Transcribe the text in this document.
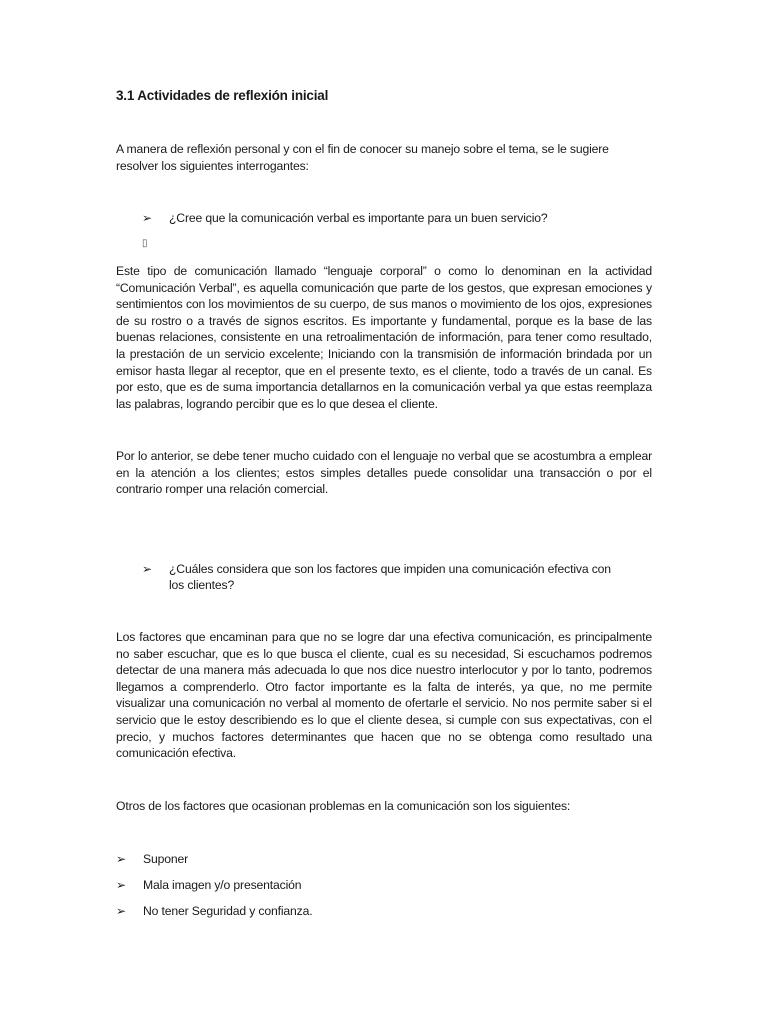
3.1 Actividades de reflexión inicial
A manera de reflexión personal y con el fin de conocer su manejo sobre el tema, se le sugiere resolver los siguientes interrogantes:
➢ ¿Cree que la comunicación verbal es importante para un buen servicio?
▯
Este tipo de comunicación llamado “lenguaje corporal” o como lo denominan en la actividad “Comunicación Verbal”, es aquella comunicación que parte de los gestos, que expresan emociones y sentimientos con los movimientos de su cuerpo, de sus manos o movimiento de los ojos, expresiones de su rostro o a través de signos escritos. Es importante y fundamental, porque es la base de las buenas relaciones, consistente en una retroalimentación de información, para tener como resultado, la prestación de un servicio excelente; Iniciando con la transmisión de información brindada por un emisor hasta llegar al receptor, que en el presente texto, es el cliente, todo a través de un canal. Es por esto, que es de suma importancia detallarnos en la comunicación verbal ya que estas reemplaza las palabras, logrando percibir que es lo que desea el cliente.
Por lo anterior, se debe tener mucho cuidado con el lenguaje no verbal que se acostumbra a emplear en la atención a los clientes; estos simples detalles puede consolidar una transacción o por el contrario romper una relación comercial.
➢ ¿Cuáles considera que son los factores que impiden una comunicación efectiva con
los clientes?
Los factores que encaminan para que no se logre dar una efectiva comunicación, es principalmente no saber escuchar, que es lo que busca el cliente, cual es su necesidad, Si escuchamos podremos detectar de una manera más adecuada lo que nos dice nuestro interlocutor y por lo tanto, podremos llegamos a comprenderlo. Otro factor importante es la falta de interés, ya que, no me permite visualizar una comunicación no verbal al momento de ofertarle el servicio. No nos permite saber si el servicio que le estoy describiendo es lo que el cliente desea, si cumple con sus expectativas, con el precio, y muchos factores determinantes que hacen que no se obtenga como resultado una comunicación efectiva.
Otros de los factores que ocasionan problemas en la comunicación son los siguientes:
➢ Suponer
➢ Mala imagen y/o presentación
➢ No tener Seguridad y confianza.
